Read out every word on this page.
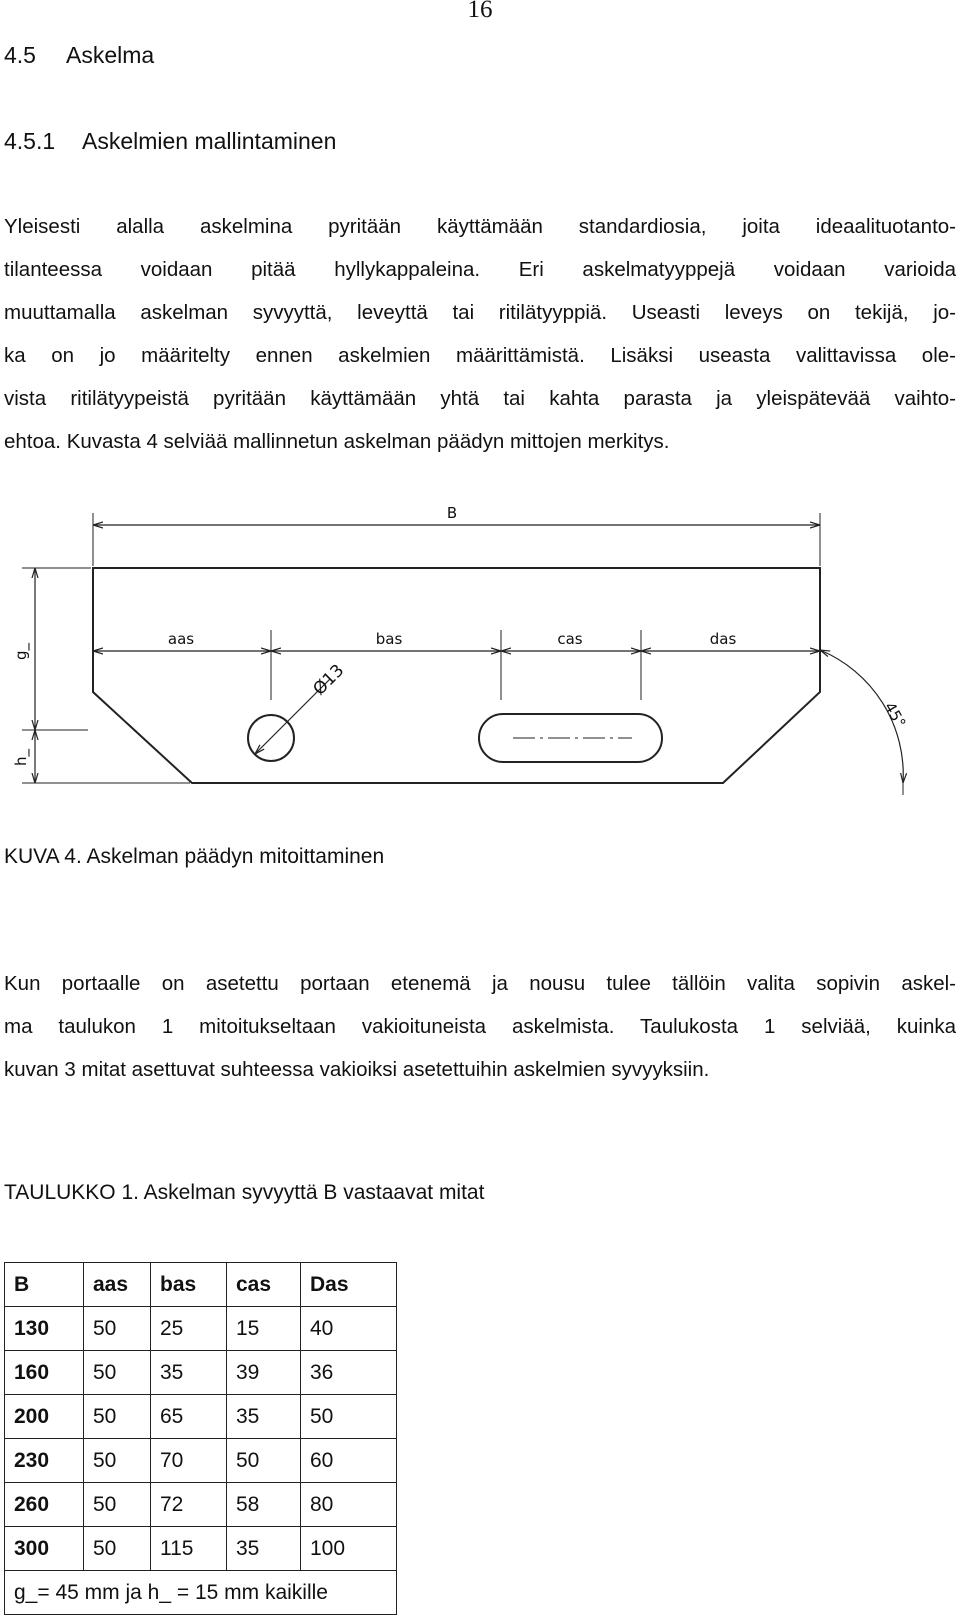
16
4.5 Askelma
4.5.1 Askelmien mallintaminen

Yleisesti alalla askelmina pyritään käyttämään standardiosia, joita ideaalituotanto-
tilanteessa voidaan pitää hyllykappaleina. Eri askelmatyyppejä voidaan varioida
muuttamalla askelman syvyyttä, leveyttä tai ritilätyyppiä. Useasti leveys on tekijä, jo-
ka on jo määritelty ennen askelmien määrittämistä. Lisäksi useasta valittavissa ole-
vista ritilätyypeistä pyritään käyttämään yhtä tai kahta parasta ja yleispätevää vaihto-
ehtoa. Kuvasta 4 selviää mallinnetun askelman päädyn mittojen merkitys.

B
aas	bas	cas	das
g_
h_
Ø13
45°
KUVA 4. Askelman päädyn mitoittaminen

Kun portaalle on asetettu portaan etenemä ja nousu tulee tällöin valita sopivin askel-
ma taulukon 1 mitoitukseltaan vakioituneista askelmista. Taulukosta 1 selviää, kuinka
kuvan 3 mitat asettuvat suhteessa vakioiksi asetettuihin askelmien syvyyksiin.

TAULUKKO 1. Askelman syvyyttä B vastaavat mitat
B	aas	bas	cas	Das
130	50	25	15	40
160	50	35	39	36
200	50	65	35	50
230	50	70	50	60
260	50	72	58	80
300	50	115	35	100
g_= 45 mm ja h_ = 15 mm kaikille				
